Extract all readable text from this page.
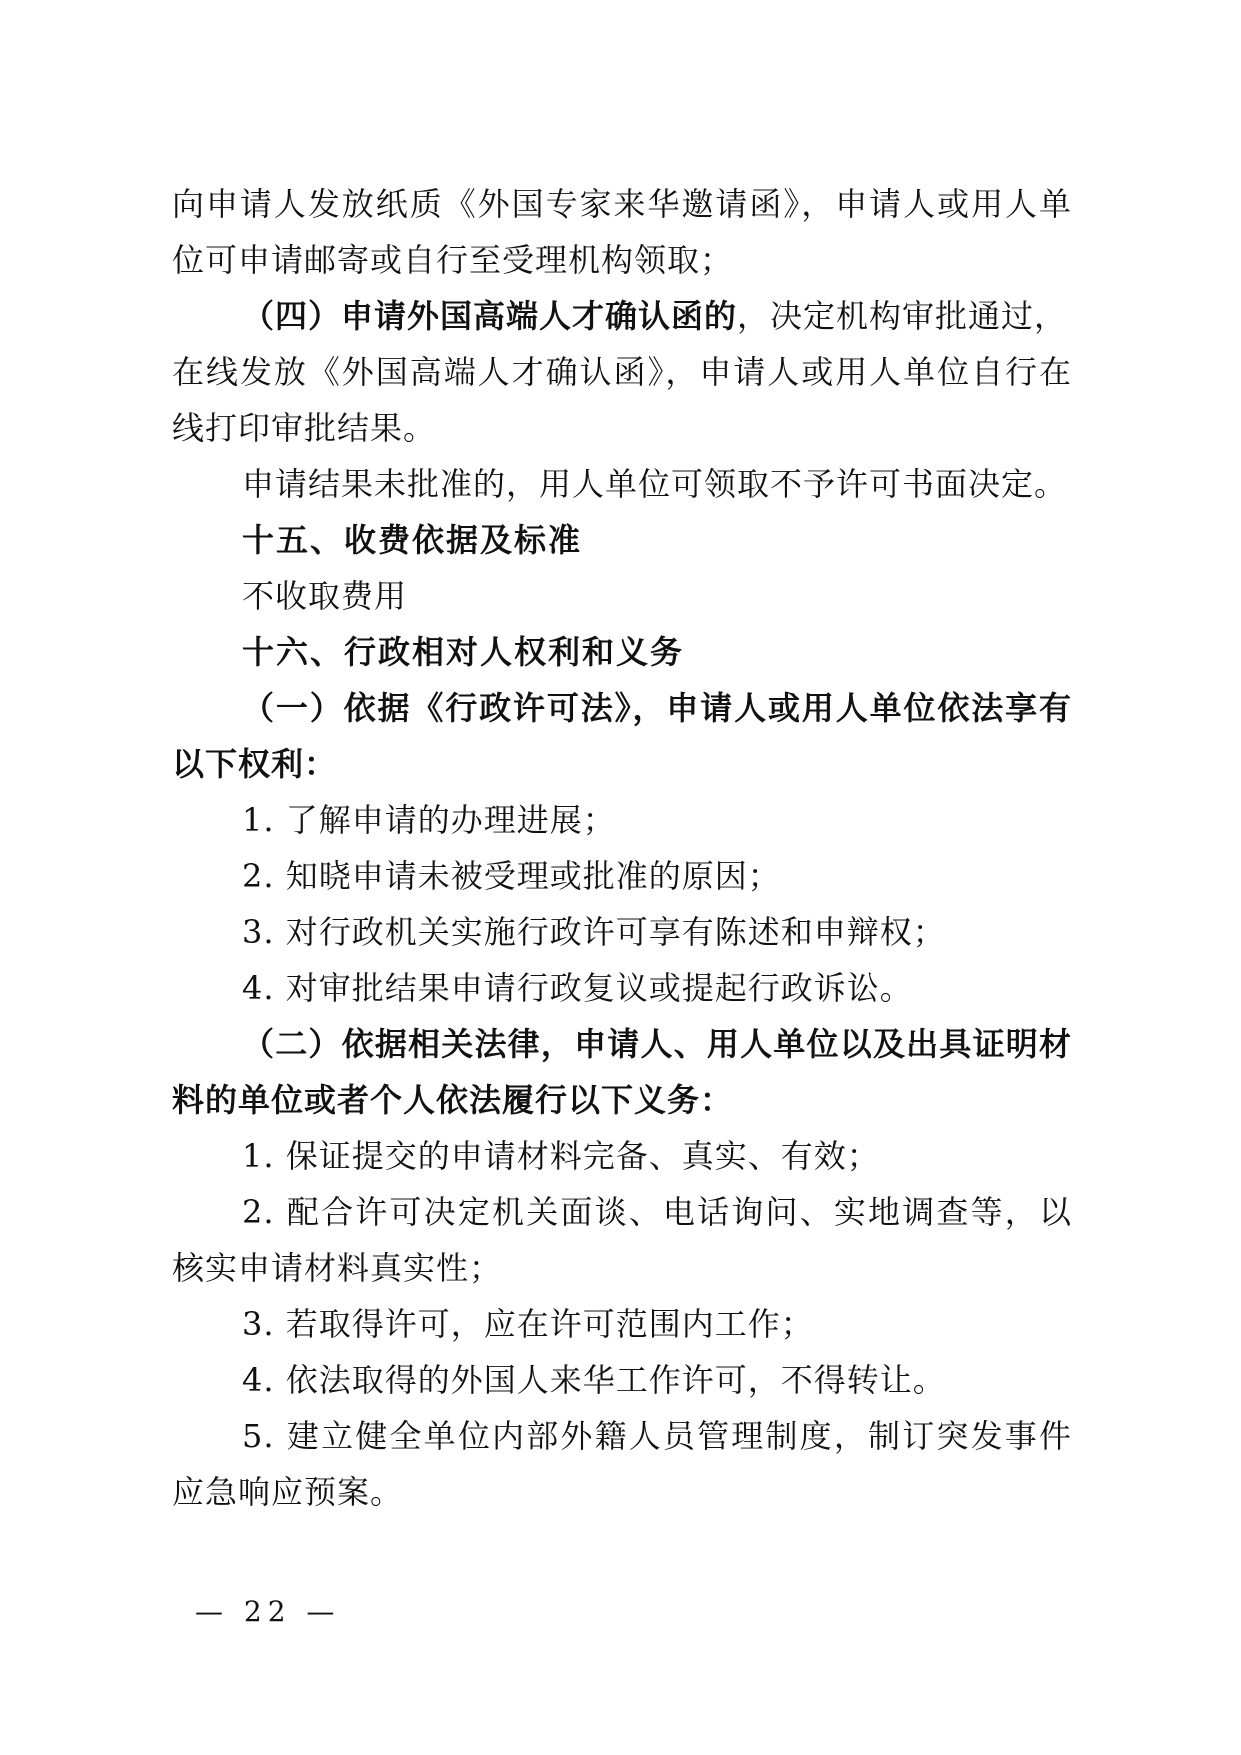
向申请人发放纸质《外国专家来华邀请函》，申请人或用人单
位可申请邮寄或自行至受理机构领取；
（四）申请外国高端人才确认函的，决定机构审批通过，
在线发放《外国高端人才确认函》，申请人或用人单位自行在
线打印审批结果。
申请结果未批准的，用人单位可领取不予许可书面决定。
十五、收费依据及标准
不收取费用
十六、行政相对人权利和义务
（一）依据《行政许可法》，申请人或用人单位依法享有
以下权利：
1. 了解申请的办理进展；
2. 知晓申请未被受理或批准的原因；
3. 对行政机关实施行政许可享有陈述和申辩权；
4. 对审批结果申请行政复议或提起行政诉讼。
（二）依据相关法律，申请人、用人单位以及出具证明材
料的单位或者个人依法履行以下义务：
1. 保证提交的申请材料完备、真实、有效；
2. 配合许可决定机关面谈、电话询问、实地调查等，以
核实申请材料真实性；
3. 若取得许可，应在许可范围内工作；
4. 依法取得的外国人来华工作许可，不得转让。
5. 建立健全单位内部外籍人员管理制度，制订突发事件
应急响应预案。
— 22 —
